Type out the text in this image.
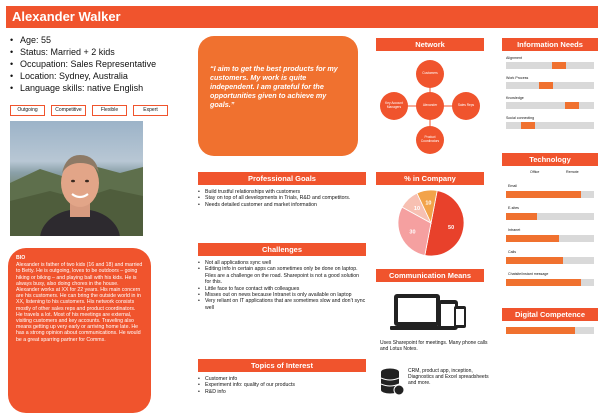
Alexander Walker
• Age: 55
• Status: Married + 2 kids
• Occupation: Sales Representative
• Location: Sydney, Australia
• Language skills: native English
Outgoing	Competitive	Flexible	Expert
BIO
Alexander is father of two kids (16 and 18) and married to Betty. He is outgoing, loves to be outdoors – going hiking or biking – and playing ball with his kids. He is always busy, also doing chores in the house. Alexander works at XX for 22 years. His main concern are his customers. He can bring the outside world in in XX, listening to his customers. His network consists mostly of other sales reps and product coordinators. He travels a lot. Most of his meetings are external, visiting customers and key accounts. Traveling also means getting up very early or arriving home late. He has a strong opinion about communications. He would be a great sparring partner for Comms.
“I aim to get the best products for my customers. My work is quite independent. I am grateful for the opportunities given to achieve my goals.”
Professional Goals
• Build trustful relationships with customers
• Stay on top of all developments in Trials, R&D and competitors.
• Needs detailed customer and market information
Challenges
• Not all applications sync well
• Editing info in certain apps can sometimes only be done on laptop. Files are a challenge on the road. Sharepoint is not a good solution for this.
• Little face to face contact with colleagues
• Misses out on news because Intranet is only available on laptop
• Very reliant on IT applications that are sometimes slow and don’t sync well
Topics of Interest
• Customer info
• Experiment info: quality of our products
• R&D info
Network
Alexander
Customers
Key Account Managers	Sales Reps
Product Coordinators
% in Company
50
30
10
10
Communication Means
Uses Sharepoint for meetings. Many phone calls and Lotus Notes.
CRM, product app, inception, Diagnostics and Excel spreadsheets and more.
Information Needs
Alignment
Work Process
Knowledge
Social connecting
Technology
Office	Remote
Email
E-sites
Intranet
Calls
Chatsite/instant message
Digital Competence
